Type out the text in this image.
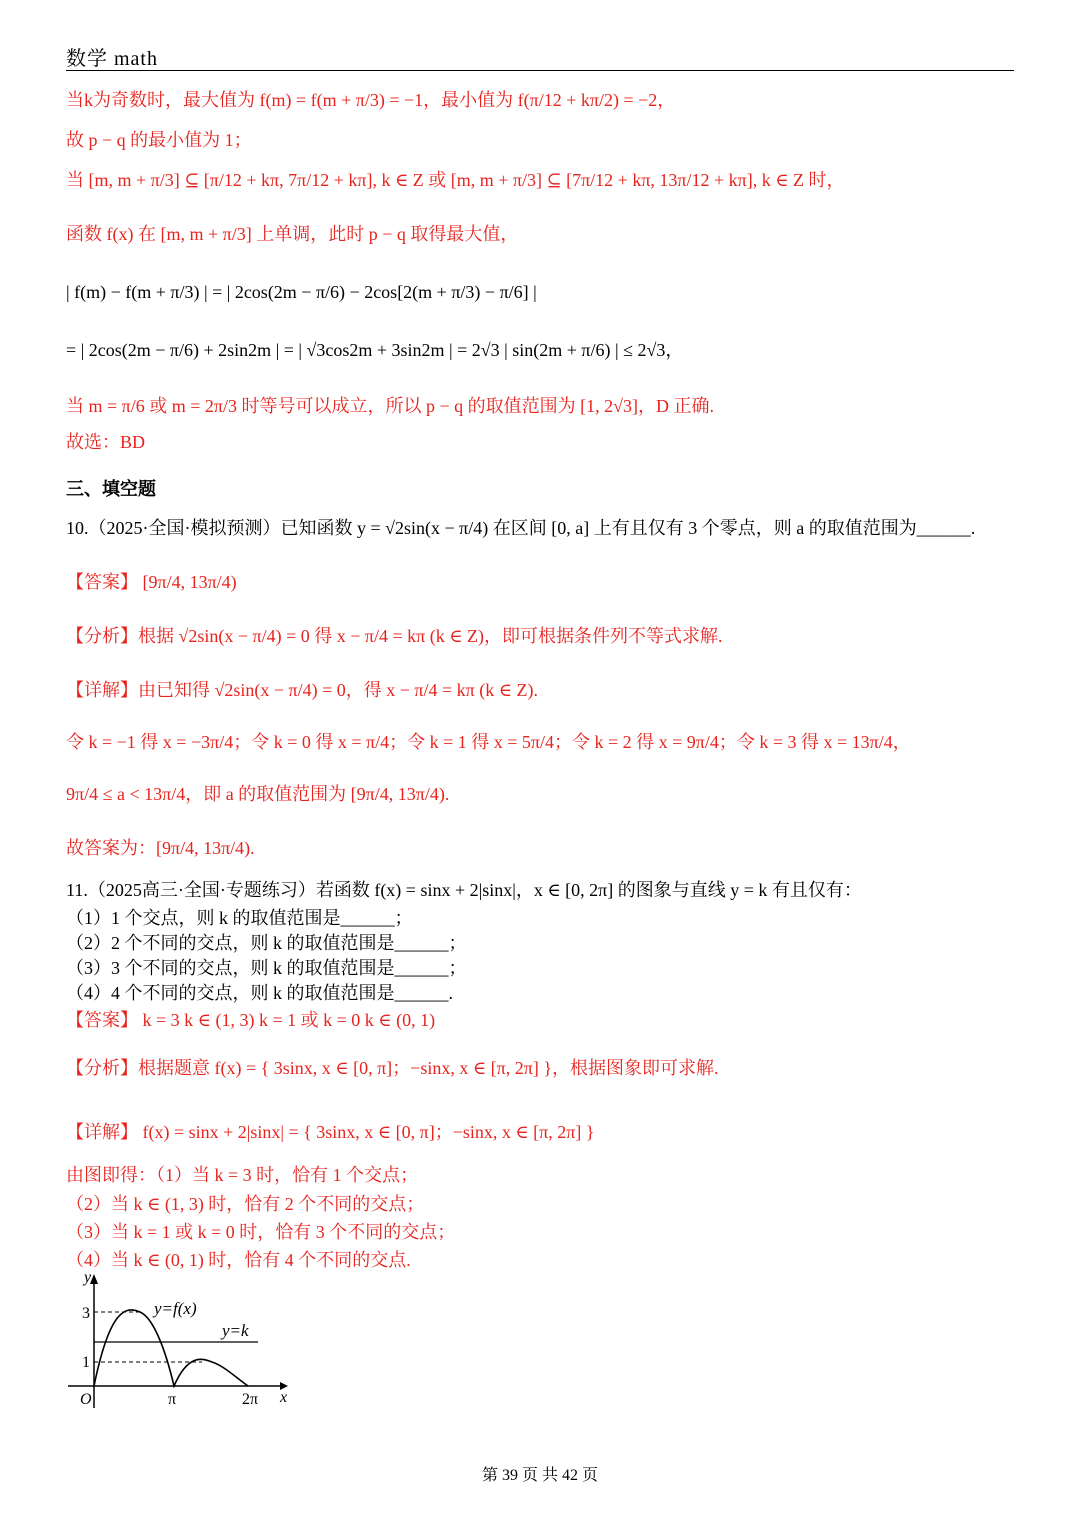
数学 math
当k为奇数时，最大值为 f(m) = f(m + π/3) = −1，最小值为 f(π/12 + kπ/2) = −2，
故 p − q 的最小值为 1；
当 [m, m + π/3] ⊆ [π/12 + kπ, 7π/12 + kπ], k ∈ Z 或 [m, m + π/3] ⊆ [7π/12 + kπ, 13π/12 + kπ], k ∈ Z 时，
函数 f(x) 在 [m, m + π/3] 上单调，此时 p − q 取得最大值，
| f(m) − f(m + π/3) | = | 2cos(2m − π/6) − 2cos[2(m + π/3) − π/6] |
= | 2cos(2m − π/6) + 2sin2m | = | √3cos2m + 3sin2m | = 2√3 | sin(2m + π/6) | ≤ 2√3，
当 m = π/6 或 m = 2π/3 时等号可以成立，所以 p − q 的取值范围为 [1, 2√3]，D 正确.
故选：BD
三、填空题
10.（2025·全国·模拟预测）已知函数 y = √2sin(x − π/4) 在区间 [0, a] 上有且仅有 3 个零点，则 a 的取值范围为______.
【答案】 [9π/4, 13π/4)
【分析】根据 √2sin(x − π/4) = 0 得 x − π/4 = kπ (k ∈ Z)，即可根据条件列不等式求解.
【详解】由已知得 √2sin(x − π/4) = 0，得 x − π/4 = kπ (k ∈ Z).
令 k = −1 得 x = −3π/4；令 k = 0 得 x = π/4；令 k = 1 得 x = 5π/4；令 k = 2 得 x = 9π/4；令 k = 3 得 x = 13π/4，
9π/4 ≤ a < 13π/4，即 a 的取值范围为 [9π/4, 13π/4).
故答案为：[9π/4, 13π/4).
11.（2025高三·全国·专题练习）若函数 f(x) = sinx + 2|sinx|，x ∈ [0, 2π] 的图象与直线 y = k 有且仅有：
（1）1 个交点，则 k 的取值范围是______；
（2）2 个不同的交点，则 k 的取值范围是______；
（3）3 个不同的交点，则 k 的取值范围是______；
（4）4 个不同的交点，则 k 的取值范围是______.
【答案】 k = 3 k ∈ (1, 3) k = 1 或 k = 0 k ∈ (0, 1)
【分析】根据题意 f(x) = { 3sinx, x ∈ [0, π]；−sinx, x ∈ [π, 2π] }，根据图象即可求解.
【详解】 f(x) = sinx + 2|sinx| = { 3sinx, x ∈ [0, π]；−sinx, x ∈ [π, 2π] }
由图即得：（1）当 k = 3 时，恰有 1 个交点；
（2）当 k ∈ (1, 3) 时，恰有 2 个不同的交点；
（3）当 k = 1 或 k = 0 时，恰有 3 个不同的交点；
（4）当 k ∈ (0, 1) 时，恰有 4 个不同的交点.
y
x
O
3
1
π	2π
y=f(x)
y=k
第 39 页 共 42 页
